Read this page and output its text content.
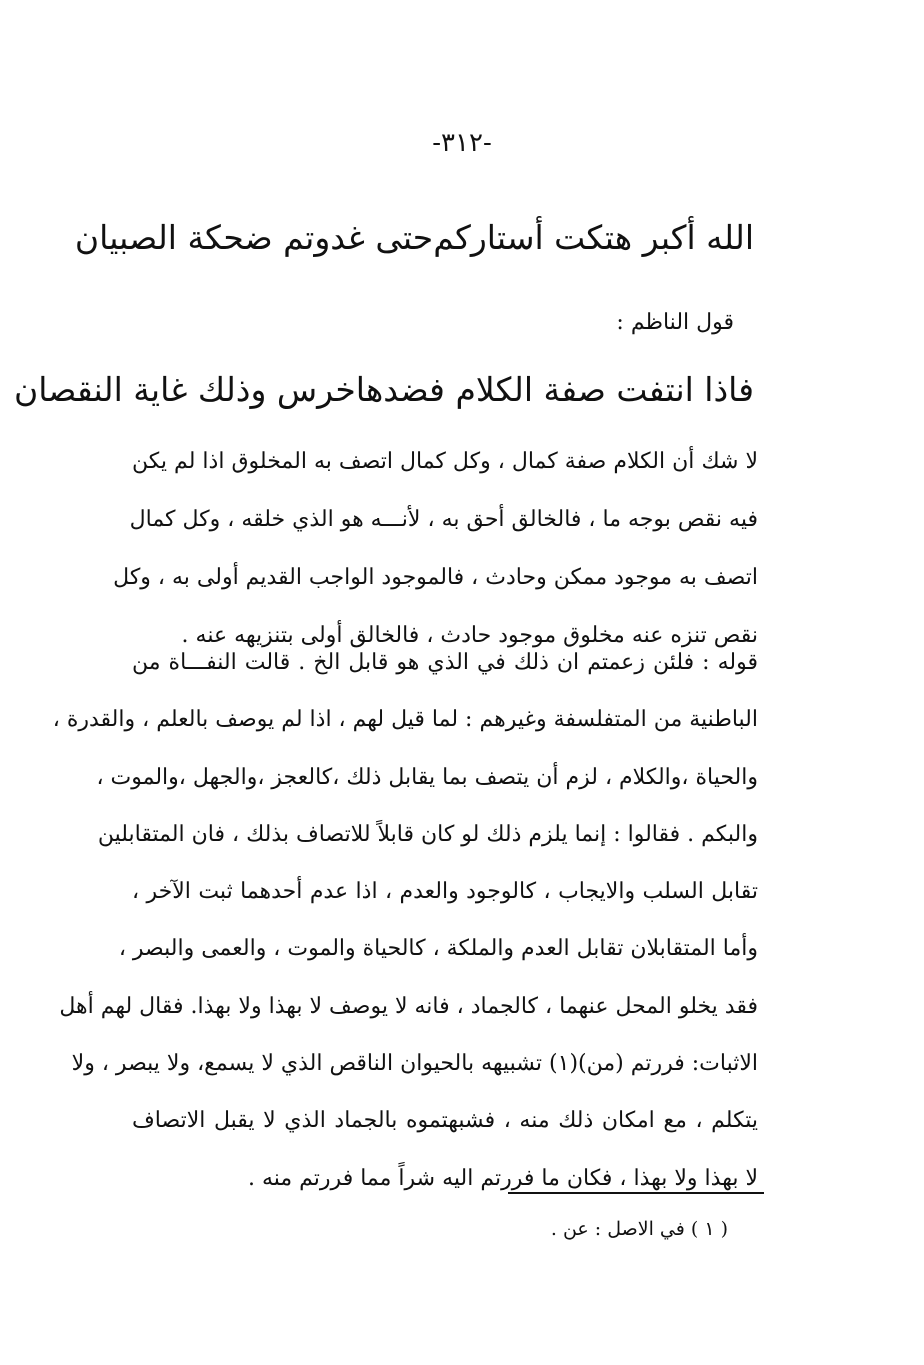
-٣١٢-
الله أكبر هتكت أستاركم
حتى غدوتم ضحكة الصبيان
قول الناظم :
فاذا انتفت صفة الكلام فضدها
خرس وذلك غاية النقصان
لا شك أن الكلام صفة كمال ، وكل كمال اتصف به المخلوق اذا لم يكن
فيه نقص بوجه ما ، فالخالق أحق به ، لأنـــه هو الذي خلقه ، وكل كمال
اتصف به موجود ممكن وحادث ، فالموجود الواجب القديم أولى به ، وكل
نقص تنزه عنه مخلوق موجود حادث ، فالخالق أولى بتنزيهه عنه .
قوله : فلئن زعمتم ان ذلك في الذي هو قابل الخ . قالت النفـــاة من
الباطنية من المتفلسفة وغيرهم : لما قيل لهم ، اذا لم يوصف بالعلم ، والقدرة ،
والحياة ،والكلام ، لزم أن يتصف بما يقابل ذلك ،كالعجز ،والجهل ،والموت ،
والبكم . فقالوا : إنما يلزم ذلك لو كان قابلاً للاتصاف بذلك ، فان المتقابلين
تقابل السلب والايجاب ، كالوجود والعدم ، اذا عدم أحدهما ثبت الآخر ،
وأما المتقابلان تقابل العدم والملكة ، كالحياة والموت ، والعمى والبصر ،
فقد يخلو المحل عنهما ، كالجماد ، فانه لا يوصف لا بهذا ولا بهذا. فقال لهم أهل
الاثبات: فررتم (من)(١) تشبيهه بالحيوان الناقص الذي لا يسمع، ولا يبصر ، ولا
يتكلم ، مع امكان ذلك منه ، فشبهتموه بالجماد الذي لا يقبل الاتصاف
لا بهذا ولا بهذا ، فكان ما فررتم اليه شراً مما فررتم منه .
( ١ ) في الاصل : عن .
